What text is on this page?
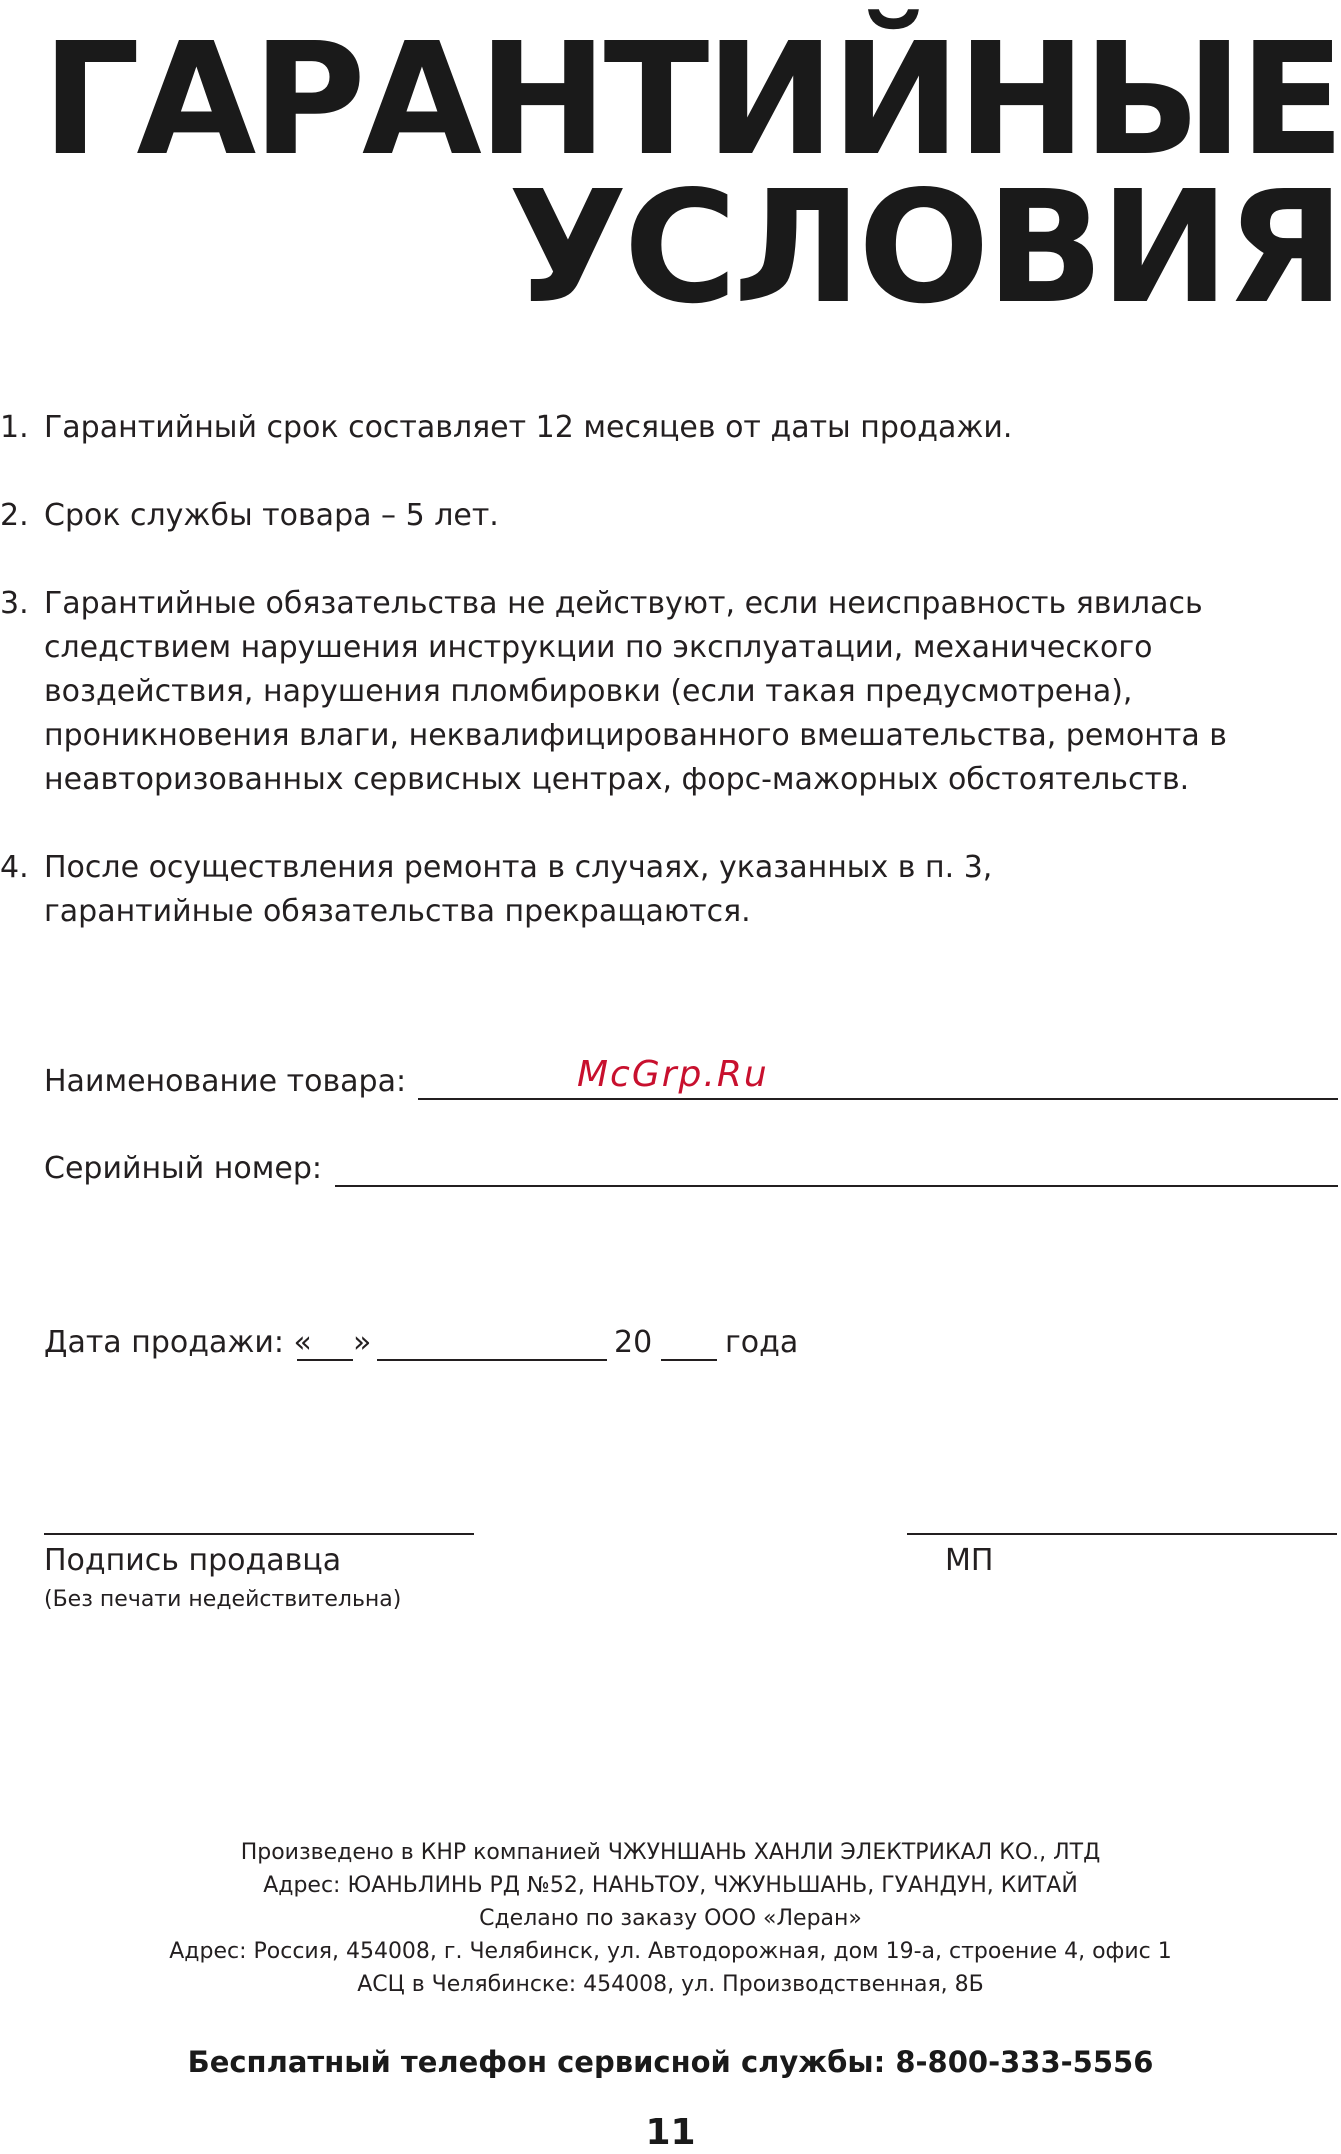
ГАРАНТИЙНЫЕ
УСЛОВИЯ
1. Гарантийный срок составляет 12 месяцев от даты продажи.
2. Срок службы товара – 5 лет.
3. Гарантийные обязательства не действуют, если неисправность явилась следствием нарушения инструкции по эксплуатации, механического воздействия, нарушения пломбировки (если такая предусмотрена), проникновения влаги, неквалифицированного вмешательства, ремонта в неавторизованных сервисных центрах, форс-мажорных обстоятельств.
4. После осуществления ремонта в случаях, указанных в п. 3, гарантийные обязательства прекращаются.
Наименование товара:	McGrp.Ru
Серийный номер:
Дата продажи: « »	20 года
Подпись продавца
(Без печати недействительна)
МП
Произведено в КНР компанией ЧЖУНШАНЬ ХАНЛИ ЭЛЕКТРИКАЛ КО., ЛТД
Адрес: ЮАНЬЛИНЬ РД №52, НАНЬТОУ, ЧЖУНЬШАНЬ, ГУАНДУН, КИТАЙ
Сделано по заказу ООО «Леран»
Адрес: Россия, 454008, г. Челябинск, ул. Автодорожная, дом 19-а, строение 4, офис 1
АСЦ в Челябинске: 454008, ул. Производственная, 8Б
Бесплатный телефон сервисной службы: 8-800-333-5556
11
